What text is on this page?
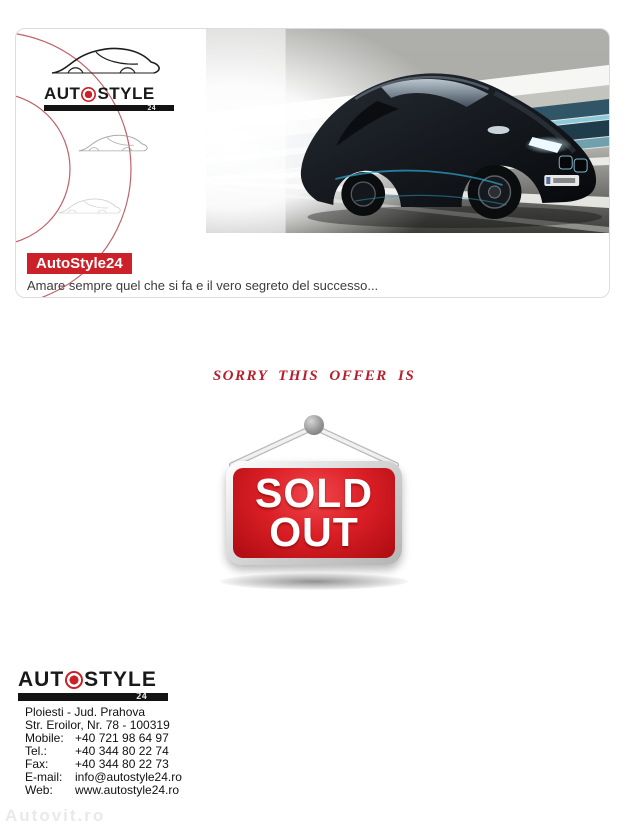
AUT STYLE
24
AutoStyle24
Amare sempre quel che si fa e il vero segreto del successo...
SORRY THIS OFFER IS
SOLD
OUT
AUT STYLE
24
Ploiesti - Jud. Prahova
Str. Eroilor, Nr. 78 - 100319
Mobile: +40 721 98 64 97
Tel.:	+40 344 80 22 74
Fax:	+40 344 80 22 73
E-mail:	info@autostyle24.ro
Web:	www.autostyle24.ro
Autovit.ro
